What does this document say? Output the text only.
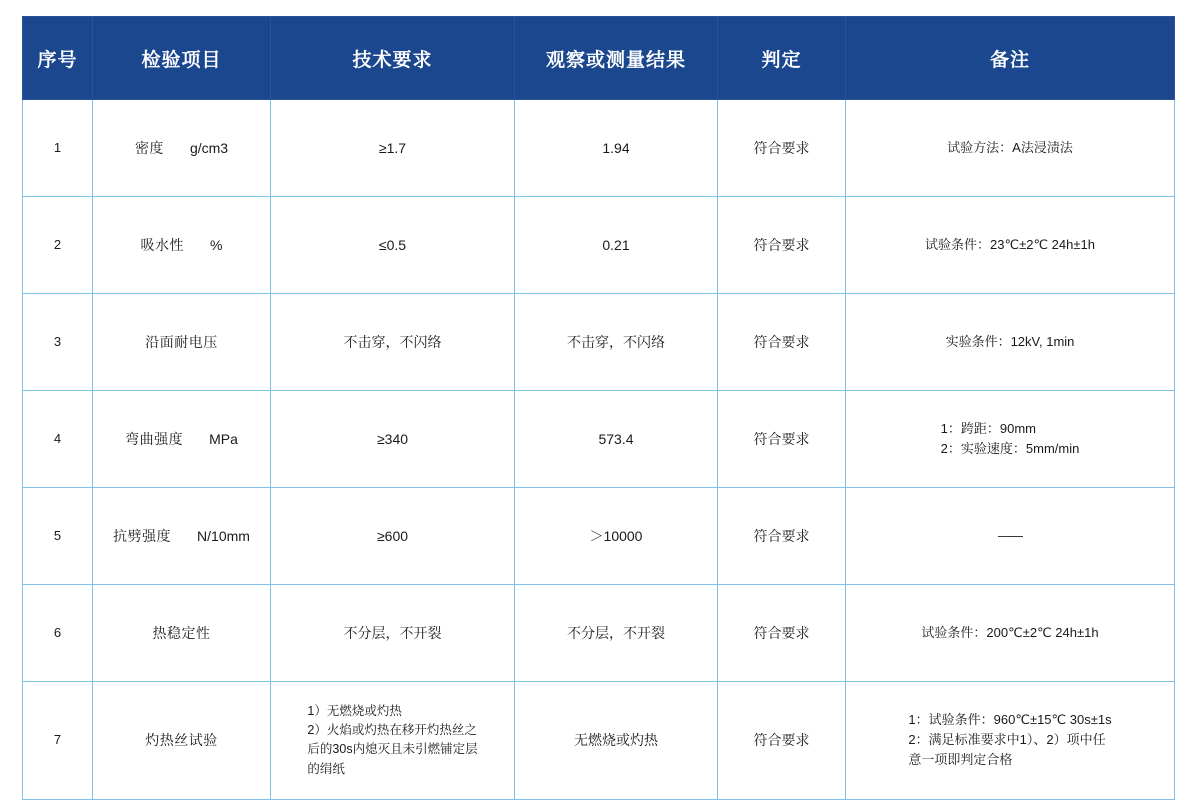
序号	检验项目	技术要求	观察或测量结果	判定	备注
1	密度 g/cm3	≥1.7	1.94	符合要求	试验方法：A法浸渍法
2	吸水性 %	≤0.5	0.21	符合要求	试验条件：23℃±2℃ 24h±1h
3	沿面耐电压	不击穿，不闪络	不击穿，不闪络	符合要求	实验条件：12kV, 1min
4	弯曲强度 MPa	≥340	573.4	符合要求	1：跨距：90mm
2：实验速度：5mm/min
5	抗劈强度 N/10mm	≥600	＞10000	符合要求	——
6	热稳定性	不分层，不开裂	不分层，不开裂	符合要求	试验条件：200℃±2℃ 24h±1h
7	灼热丝试验	1）无燃烧或灼热
2）火焰或灼热在移开灼热丝之
后的30s内熄灭且未引燃铺定层
的绢纸	无燃烧或灼热	符合要求	1：试验条件：960℃±15℃ 30s±1s
2：满足标准要求中1）、2）项中任
意一项即判定合格
